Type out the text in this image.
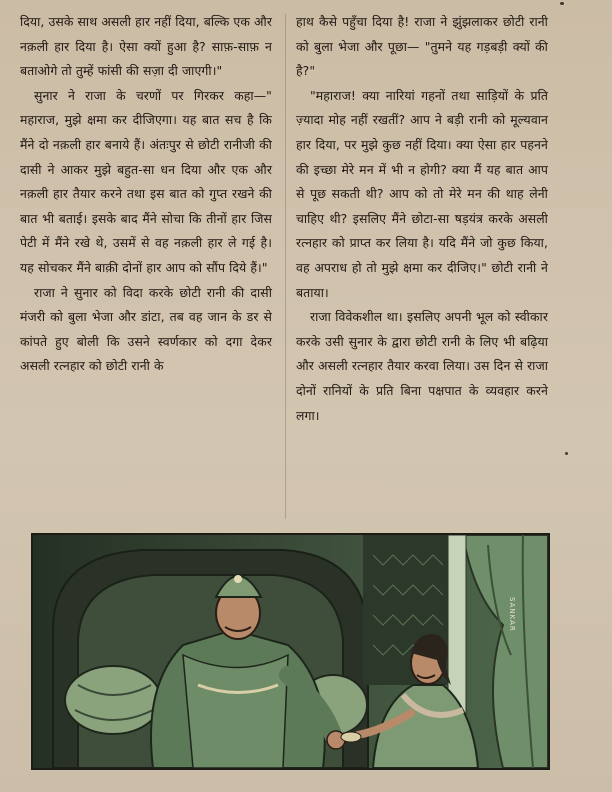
दिया, उसके साथ असली हार नहीं दिया, बल्कि एक और नक़ली हार दिया है। ऐसा क्यों हुआ है? साफ़-साफ़ न बताओगे तो तुम्हें फांसी की सज़ा दी जाएगी।"

सुनार ने राजा के चरणों पर गिरकर कहा—" महाराज, मुझे क्षमा कर दीजिएगा। यह बात सच है कि मैंने दो नक़ली हार बनाये हैं। अंतःपुर से छोटी रानीजी की दासी ने आकर मुझे बहुत-सा धन दिया और एक और नक़ली हार तैयार करने तथा इस बात को गुप्त रखने की बात भी बताई। इसके बाद मैंने सोचा कि तीनों हार जिस पेटी में मैंने रखे थे, उसमें से वह नक़ली हार ले गई है। यह सोचकर मैंने बाक़ी दोनों हार आप को सौंप दिये हैं।"

राजा ने सुनार को विदा करके छोटी रानी की दासी मंजरी को बुला भेजा और डांटा, तब वह जान के डर से कांपते हुए बोली कि उसने स्वर्णकार को दगा देकर असली रत्नहार को छोटी रानी के

हाथ कैसे पहुँचा दिया है! राजा ने झुंझलाकर छोटी रानी को बुला भेजा और पूछा— "तुमने यह गड़बड़ी क्यों की है?"

"महाराज! क्या नारियां गहनों तथा साड़ियों के प्रति ज़्यादा मोह नहीं रखतीं? आप ने बड़ी रानी को मूल्यवान हार दिया, पर मुझे कुछ नहीं दिया। क्या ऐसा हार पहनने की इच्छा मेरे मन में भी न होगी? क्या मैं यह बात आप से पूछ सकती थी? आप को तो मेरे मन की थाह लेनी चाहिए थी? इसलिए मैंने छोटा-सा षड़यंत्र करके असली रत्नहार को प्राप्त कर लिया है। यदि मैंने जो कुछ किया, वह अपराध हो तो मुझे क्षमा कर दीजिए।" छोटी रानी ने बताया।

राजा विवेकशील था। इसलिए अपनी भूल को स्वीकार करके उसी सुनार के द्वारा छोटी रानी के लिए भी बढ़िया और असली रत्नहार तैयार करवा लिया। उस दिन से राजा दोनों रानियों के प्रति बिना पक्षपात के व्यवहार करने लगा।

SANKAR
